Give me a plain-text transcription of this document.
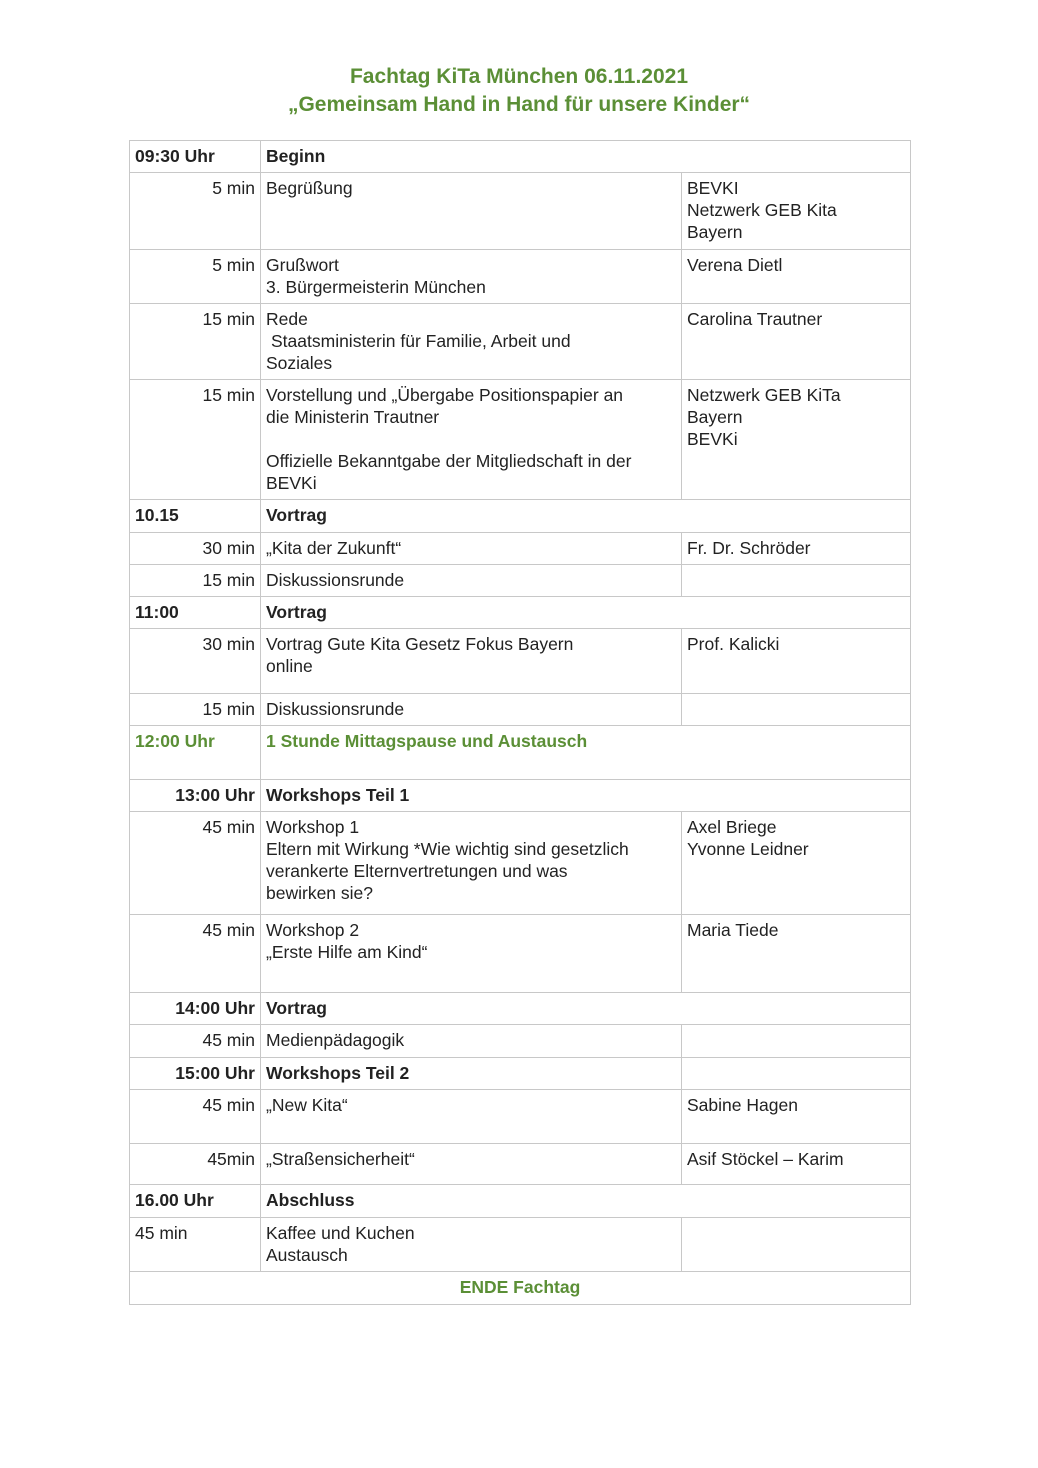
Fachtag KiTa München 06.11.2021
„Gemeinsam Hand in Hand für unsere Kinder“
09:30 Uhr	Beginn	
5 min	Begrüßung	BEVKI
Netzwerk GEB Kita
Bayern

5 min	Grußwort
3. Bürgermeisterin München	Verena Dietl

15 min	Rede
Staatsministerin für Familie, Arbeit und
Soziales	Carolina Trautner

15 min	Vorstellung und „Übergabe Positionspapier an
die Ministerin Trautner
Offizielle Bekanntgabe der Mitgliedschaft in der
BEVKi	Netzwerk GEB KiTa
Bayern
BEVKi

10.15	Vortrag	
30 min	„Kita der Zukunft“	Fr. Dr. Schröder

15 min	Diskussionsrunde	

11:00	Vortrag	
30 min	Vortrag Gute Kita Gesetz Fokus Bayern
online	Prof. Kalicki

15 min	Diskussionsrunde	

12:00 Uhr	1 Stunde Mittagspause und Austausch	
13:00 Uhr	Workshops Teil 1	
45 min	Workshop 1
Eltern mit Wirkung *Wie wichtig sind gesetzlich
verankerte Elternvertretungen und was
bewirken sie?	Axel Briege
Yvonne Leidner

45 min	Workshop 2
„Erste Hilfe am Kind“	Maria Tiede

14:00 Uhr	Vortrag	
45 min	Medienpädagogik	

15:00 Uhr	Workshops Teil 2	
45 min	„New Kita“	Sabine Hagen

45min	„Straßensicherheit“	Asif Stöckel – Karim

16.00 Uhr	Abschluss	
45 min	Kaffee und Kuchen
Austausch	

ENDE Fachtag		
